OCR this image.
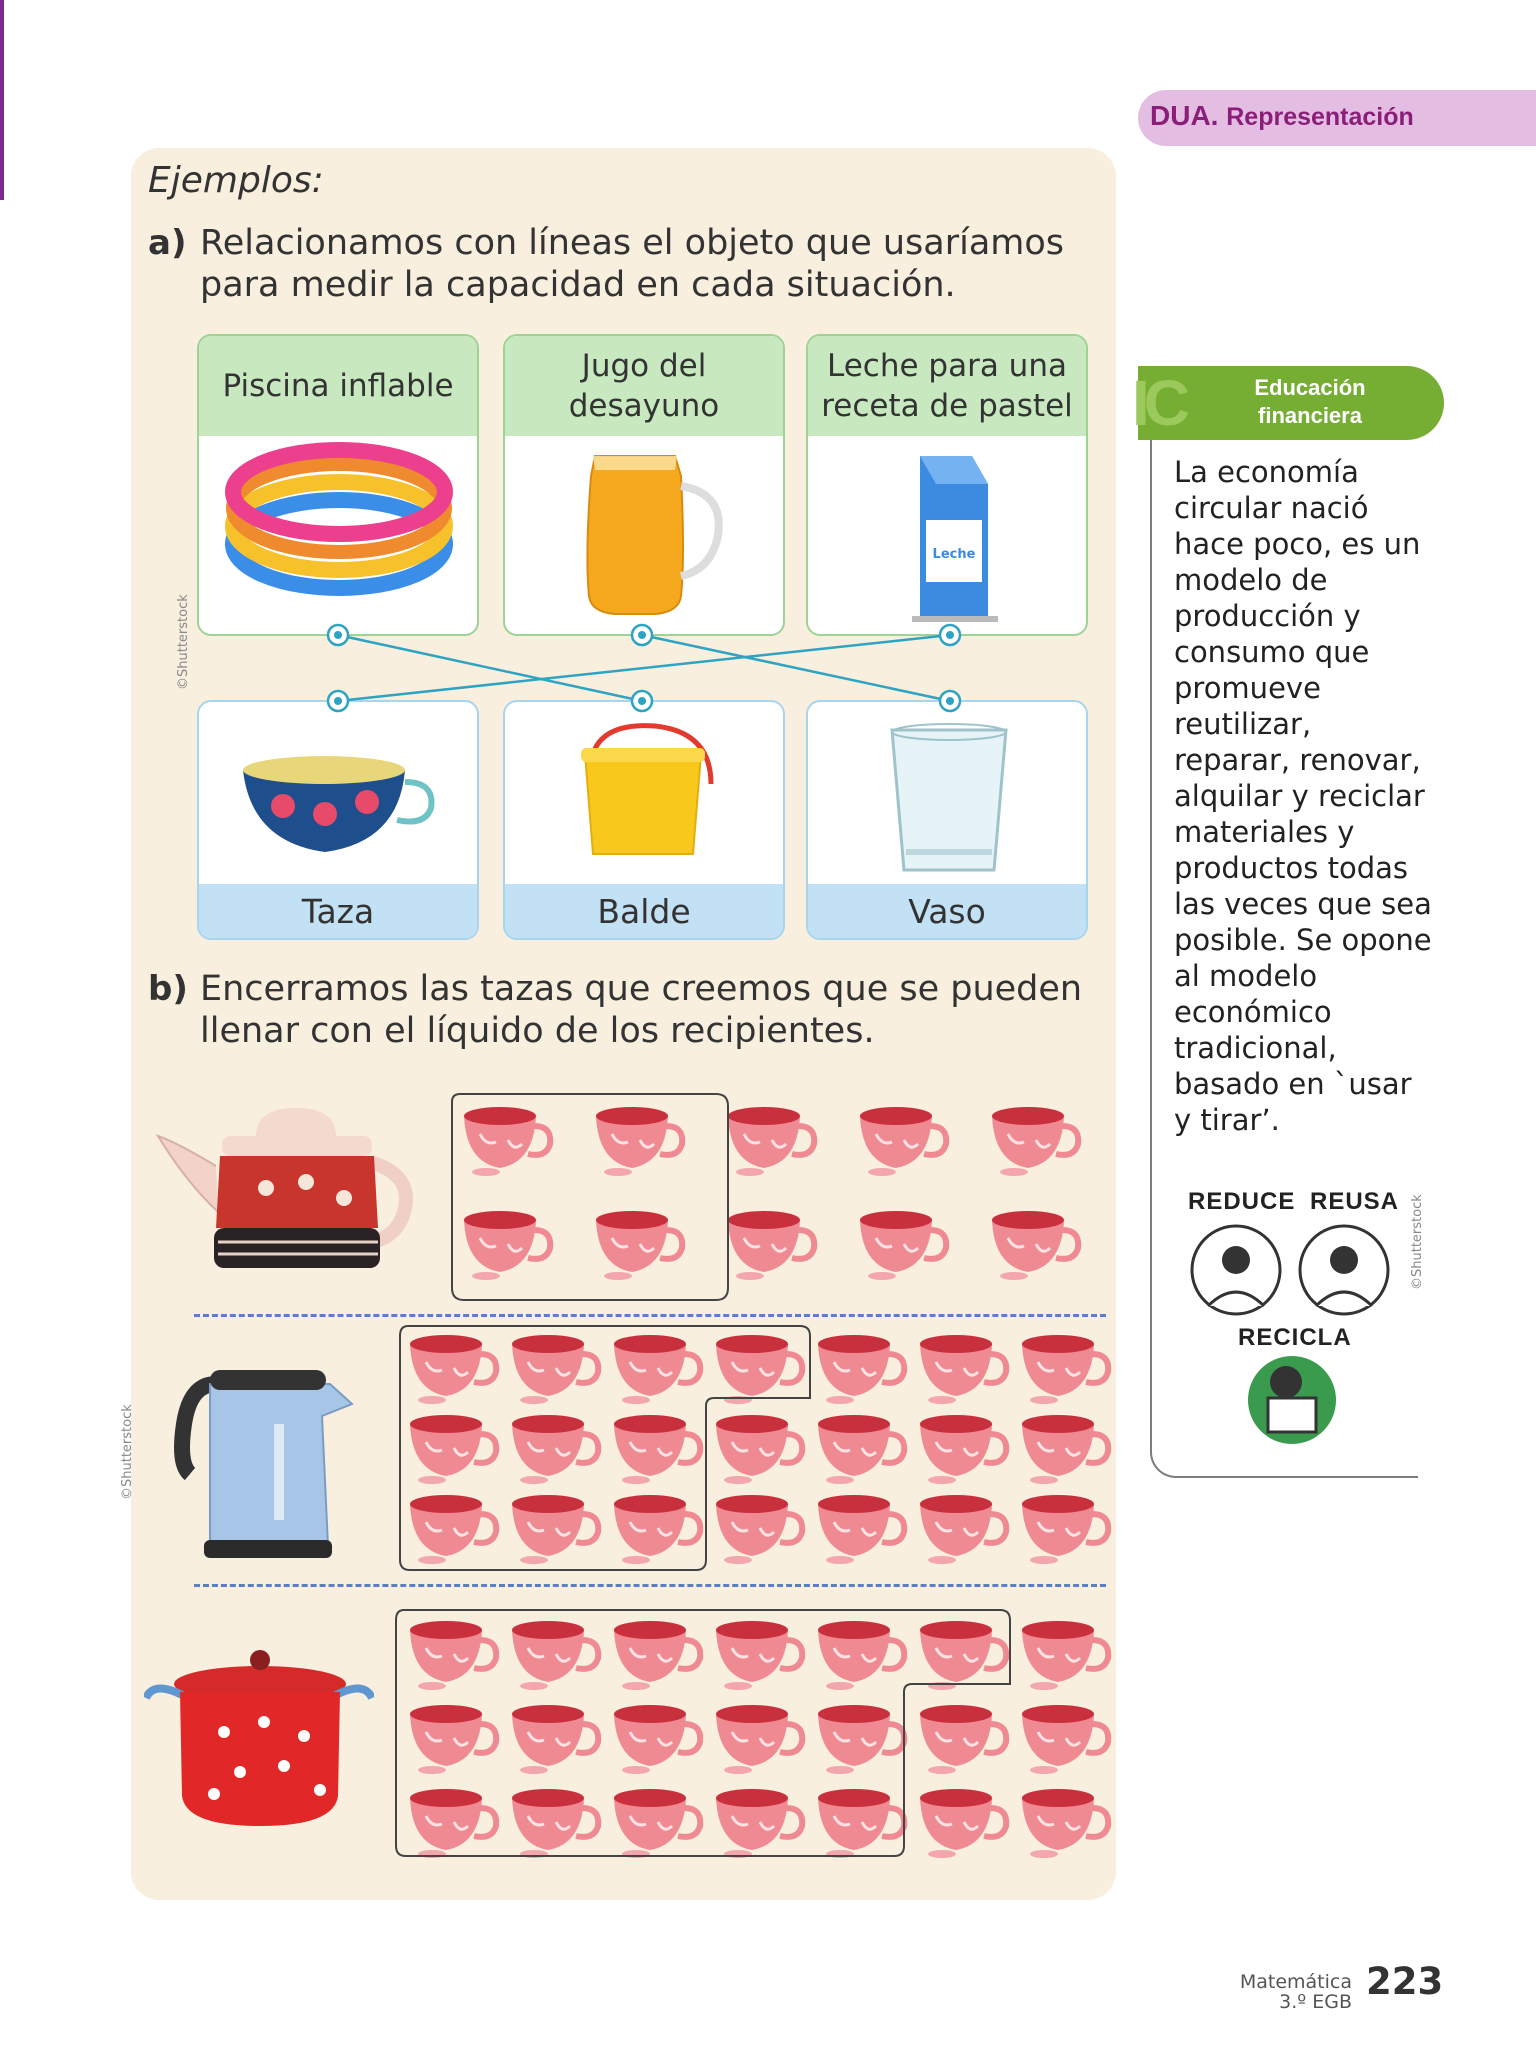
DUA. Representación
Ejemplos:
a) Relacionamos con líneas el objeto que usaríamos para medir la capacidad en cada situación.
Piscina inflable
Jugo del desayuno
Leche para una receta de pastel
Leche
Taza	Balde	Vaso
©Shutterstock
b) Encerramos las tazas que creemos que se pueden llenar con el líquido de los recipientes.
©Shutterstock
IC	Educación financiera
La economía circular nació hace poco, es un modelo de producción y consumo que promueve reutilizar, reparar, renovar, alquilar y reciclar materiales y productos todas las veces que sea posible. Se opone al modelo económico tradicional, basado en `usar y tirar’.
REDUCE REUSA
RECICLA
©Shutterstock
Matemática
3.º EGB 223
